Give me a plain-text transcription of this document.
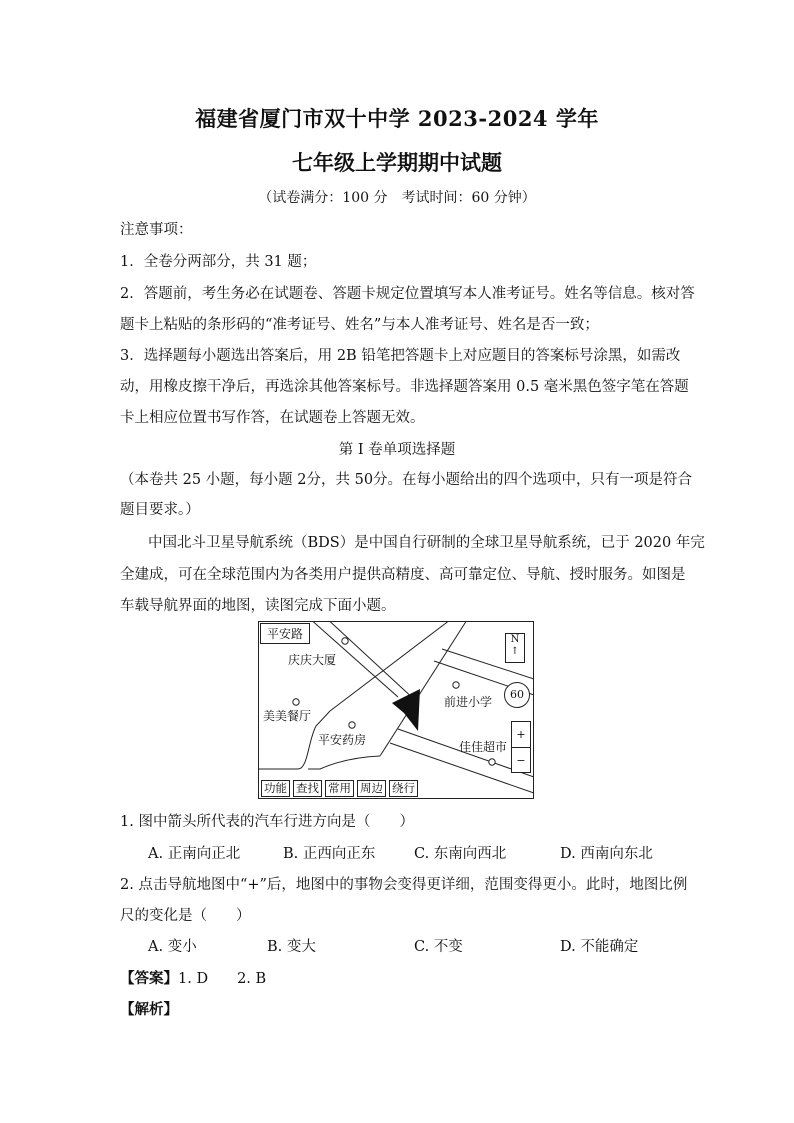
福建省厦门市双十中学 2023-2024 学年
七年级上学期期中试题
（试卷满分：100 分　考试时间：60 分钟）
注意事项：
1．全卷分两部分，共 31 题；
2．答题前，考生务必在试题卷、答题卡规定位置填写本人准考证号。姓名等信息。核对答
题卡上粘贴的条形码的“准考证号、姓名”与本人准考证号、姓名是否一致；
3．选择题每小题选出答案后，用 2B 铅笔把答题卡上对应题目的答案标号涂黑，如需改
动，用橡皮擦干净后，再选涂其他答案标号。非选择题答案用 0.5 毫米黑色签字笔在答题
卡上相应位置书写作答，在试题卷上答题无效。
第 I 卷单项选择题
（本卷共 25 小题，每小题 2分，共 50分。在每小题给出的四个选项中，只有一项是符合
题目要求。）
中国北斗卫星导航系统（BDS）是中国自行研制的全球卫星导航系统，已于 2020 年完
全建成，可在全球范围内为各类用户提供高精度、高可靠定位、导航、授时服务。如图是
车载导航界面的地图，读图完成下面小题。
平安路
庆庆大厦
美美餐厅
平安药房
前进小学
佳佳超市
N
↑
60
+
−
功能 查找 常用 周边 绕行
1. 图中箭头所代表的汽车行进方向是（　　）
A. 正南向正北	B. 正西向正东	C. 东南向西北	D. 西南向东北
2. 点击导航地图中“+”后，地图中的事物会变得更详细，范围变得更小。此时，地图比例
尺的变化是（　　）
A. 变小	B. 变大	C. 不变	D. 不能确定
【答案】1. D　　2. B
【解析】
